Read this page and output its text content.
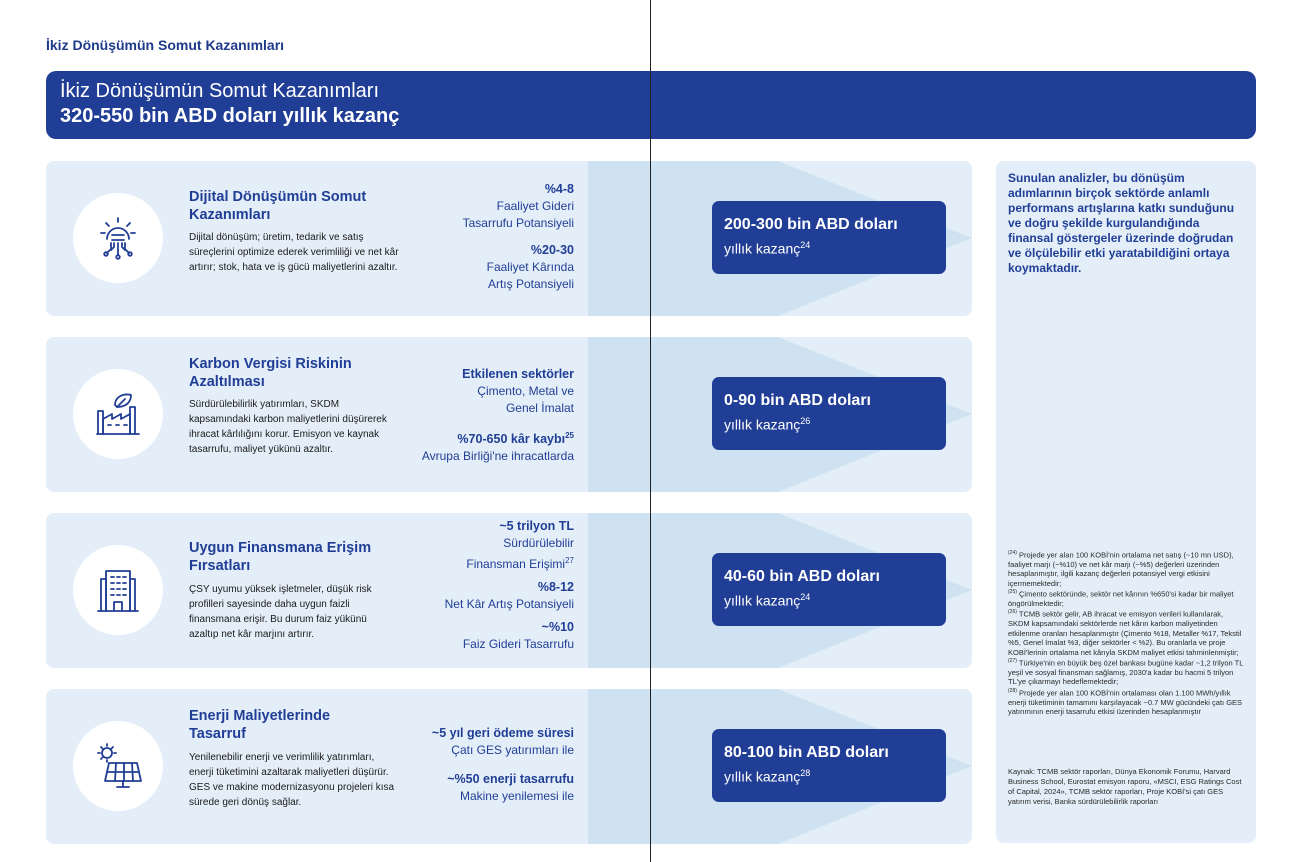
İkiz Dönüşümün Somut Kazanımları
İkiz Dönüşümün Somut Kazanımları
320-550 bin ABD doları yıllık kazanç
Dijital Dönüşümün Somut Kazanımları
Dijital dönüşüm; üretim, tedarik ve satış süreçlerini optimize ederek verimliliği ve net kâr artırır; stok, hata ve iş gücü maliyetlerini azaltır.
%4-8
Faaliyet Gideri
Tasarrufu Potansiyeli
%20-30
Faaliyet Kârında
Artış Potansiyeli
200-300 bin ABD doları
yıllık kazanç$^{24}$
Karbon Vergisi Riskinin Azaltılması
Sürdürülebilirlik yatırımları, SKDM kapsamındaki karbon maliyetlerini düşürerek ihracat kârlılığını korur. Emisyon ve kaynak tasarrufu, maliyet yükünü azaltır.
Etkilenen sektörler
Çimento, Metal ve
Genel İmalat
%70-650 kâr kaybı$^{25}$
Avrupa Birliği'ne ihracatlarda
0-90 bin ABD doları
yıllık kazanç$^{26}$
Uygun Finansmana Erişim Fırsatları
ÇSY uyumu yüksek işletmeler, düşük risk profilleri sayesinde daha uygun faizli finansmana erişir. Bu durum faiz yükünü azaltıp net kâr marjını artırır.
~5 trilyon TL
Sürdürülebilir
Finansman Erişimi$^{27}$
%8-12
Net Kâr Artış Potansiyeli
~%10
Faiz Gideri Tasarrufu
40-60 bin ABD doları
yıllık kazanç$^{24}$
Enerji Maliyetlerinde Tasarruf
Yenilenebilir enerji ve verimlilik yatırımları, enerji tüketimini azaltarak maliyetleri düşürür. GES ve makine modernizasyonu projeleri kısa sürede geri dönüş sağlar.
~5 yıl geri ödeme süresi
Çatı GES yatırımları ile
~%50 enerji tasarrufu
Makine yenilemesi ile
80-100 bin ABD doları
yıllık kazanç$^{28}$
Sunulan analizler, bu dönüşüm adımlarının birçok sektörde anlamlı performans artışlarına katkı sunduğunu ve doğru şekilde kurgulandığında finansal göstergeler üzerinde doğrudan ve ölçülebilir etki yaratabildiğini ortaya koymaktadır.

$^{(24)}$ Projede yer alan 100 KOBİ'nin ortalama net satış (~10 mn USD), faaliyet marjı (~%10) ve net kâr marjı (~%5) değerleri üzerinden hesaplanmıştır, ilgili kazanç değerleri potansiyel vergi etkisini içermemektedir;

$^{(25)}$ Çimento sektöründe, sektör net kârının %650'si kadar bir maliyet öngörülmektedir;

$^{(26)}$ TCMB sektör gelir, AB ihracat ve emisyon verileri kullanılarak, SKDM kapsamındaki sektörlerde net kârın karbon maliyetinden etkilenme oranları hesaplanmıştır (Çimento %18, Metaller %17, Tekstil %5, Genel İmalat %3, diğer sektörler < %2). Bu oranlarla ve proje KOBİ'lerinin ortalama net kârıyla SKDM maliyet etkisi tahminlenmiştir;

$^{(27)}$ Türkiye'nin en büyük beş özel bankası bugüne kadar ~1,2 trilyon TL yeşil ve sosyal finansman sağlamış, 2030'a kadar bu hacmi 5 trilyon TL'ye çıkarmayı hedeflemektedir;

$^{(28)}$ Projede yer alan 100 KOBİ'nin ortalaması olan 1.100 MWh/yıllık enerji tüketiminin tamamını karşılayacak ~0.7 MW gücündeki çatı GES yatırımının enerji tasarrufu etkisi üzerinden hesaplanmıştır

Kaynak: TCMB sektör raporları, Dünya Ekonomik Forumu, Harvard Business School, Eurostat emisyon raporu, «MSCI, ESG Ratings Cost of Capital, 2024», TCMB sektör raporları, Proje KOBİ'si çatı GES yatırım verisi, Banka sürdürülebilirlik raporları
